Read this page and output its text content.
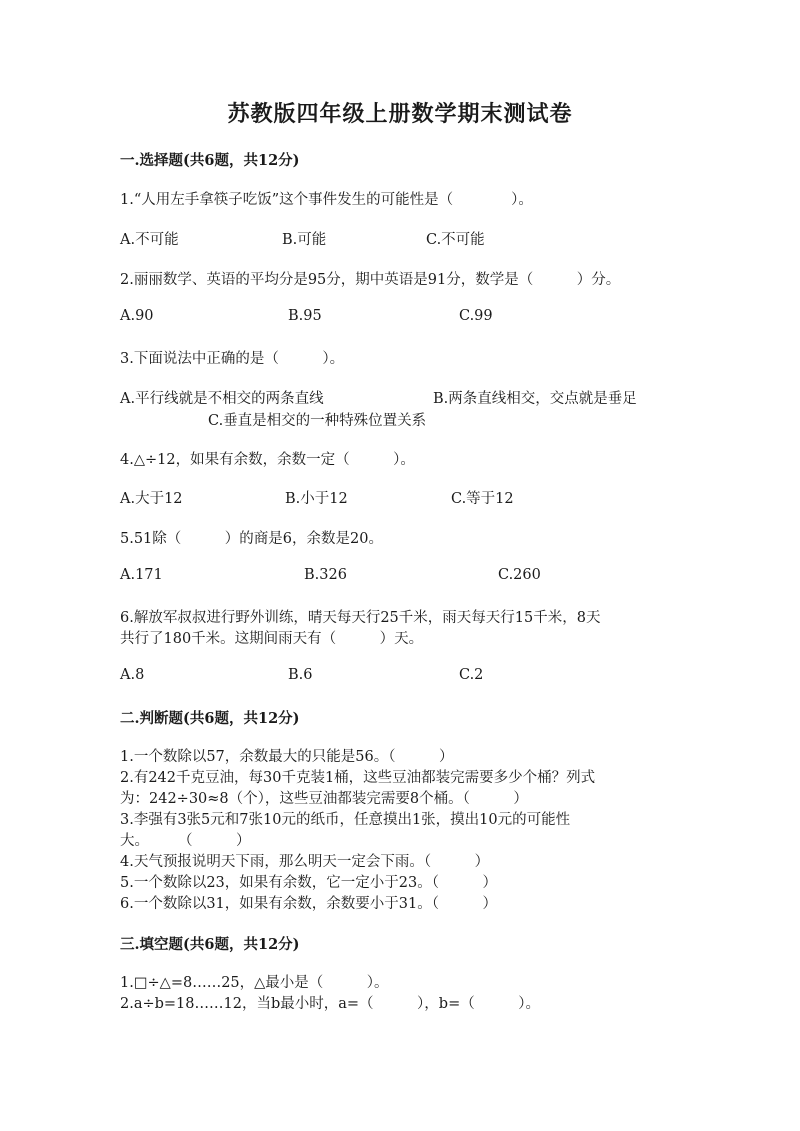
苏教版四年级上册数学期末测试卷
一.选择题(共6题，共12分)
1.“人用左手拿筷子吃饭”这个事件发生的可能性是（　　　　）。
A.不可能	B.可能	C.不可能
2.丽丽数学、英语的平均分是95分，期中英语是91分，数学是（　　　）分。
A.90	B.95	C.99
3.下面说法中正确的是（　　　）。
A.平行线就是不相交的两条直线	B.两条直线相交，交点就是垂足
C.垂直是相交的一种特殊位置关系
4.△÷12，如果有余数，余数一定（　　　）。
A.大于12	B.小于12	C.等于12
5.51除（　　　）的商是6，余数是20。
A.171	B.326	C.260
6.解放军叔叔进行野外训练，晴天每天行25千米，雨天每天行15千米，8天
共行了180千米。这期间雨天有（　　　）天。
A.8	B.6	C.2
二.判断题(共6题，共12分)
1.一个数除以57，余数最大的只能是56。（　　　）
2.有242千克豆油，每30千克装1桶，这些豆油都装完需要多少个桶？列式
为：242÷30≈8（个），这些豆油都装完需要8个桶。（　　　）
3.李强有3张5元和7张10元的纸币，任意摸出1张，摸出10元的可能性
大。　　　（　　　）
4.天气预报说明天下雨，那么明天一定会下雨。（　　　）
5.一个数除以23，如果有余数，它一定小于23。（　　　）
6.一个数除以31，如果有余数，余数要小于31。（　　　）
三.填空题(共6题，共12分)
1.□÷△=8……25，△最小是（　　　）。
2.a÷b=18……12，当b最小时，a=（　　　），b=（　　　）。
